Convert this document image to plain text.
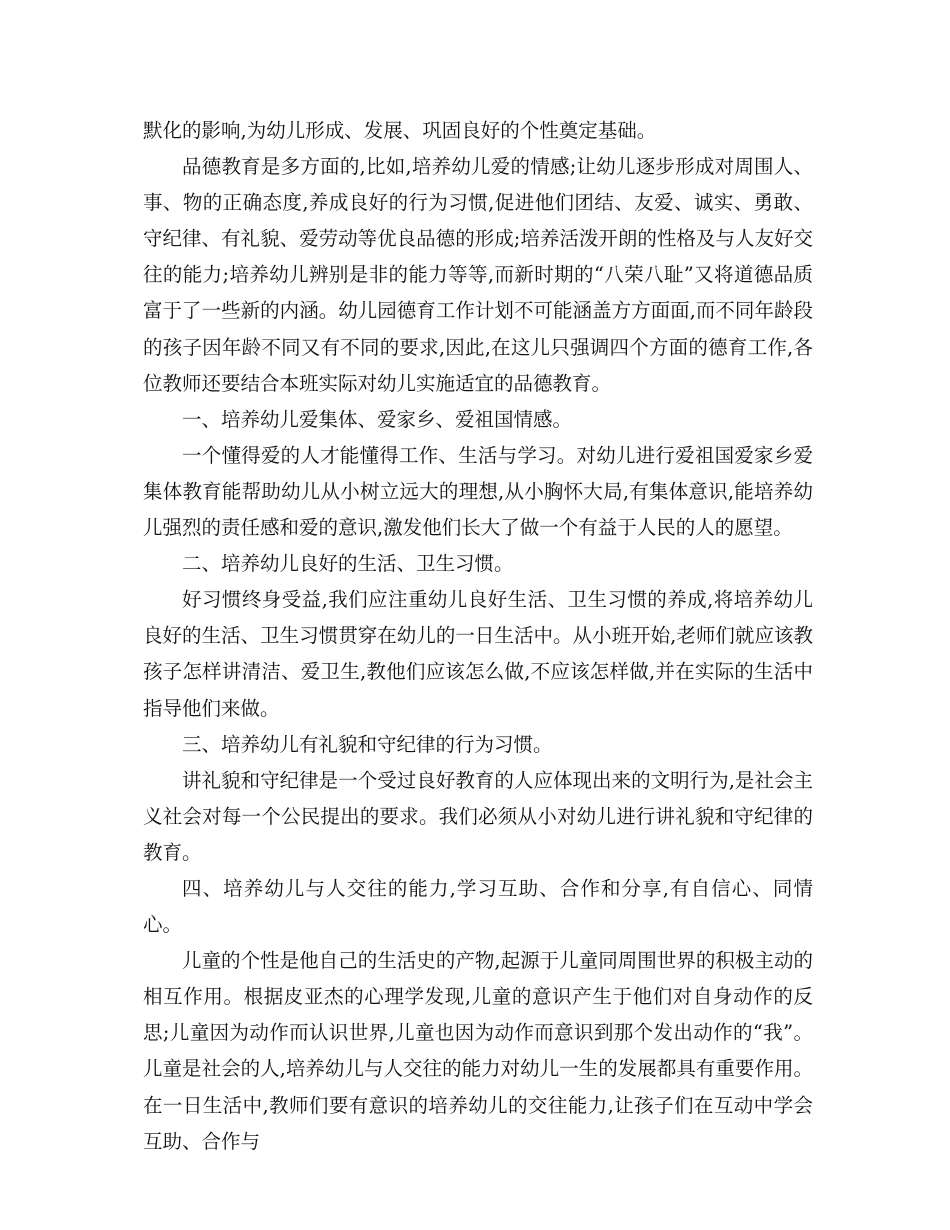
默化的影响,为幼儿形成、发展、巩固良好的个性奠定基础。

品德教育是多方面的,比如,培养幼儿爱的情感;让幼儿逐步形成对周围人、事、物的正确态度,养成良好的行为习惯,促进他们团结、友爱、诚实、勇敢、守纪律、有礼貌、爱劳动等优良品德的形成;培养活泼开朗的性格及与人友好交往的能力;培养幼儿辨别是非的能力等等,而新时期的“八荣八耻”又将道德品质富于了一些新的内涵。幼儿园德育工作计划不可能涵盖方方面面,而不同年龄段的孩子因年龄不同又有不同的要求,因此,在这儿只强调四个方面的德育工作,各位教师还要结合本班实际对幼儿实施适宜的品德教育。

一、培养幼儿爱集体、爱家乡、爱祖国情感。

一个懂得爱的人才能懂得工作、生活与学习。对幼儿进行爱祖国爱家乡爱集体教育能帮助幼儿从小树立远大的理想,从小胸怀大局,有集体意识,能培养幼儿强烈的责任感和爱的意识,激发他们长大了做一个有益于人民的人的愿望。

二、培养幼儿良好的生活、卫生习惯。

好习惯终身受益,我们应注重幼儿良好生活、卫生习惯的养成,将培养幼儿良好的生活、卫生习惯贯穿在幼儿的一日生活中。从小班开始,老师们就应该教孩子怎样讲清洁、爱卫生,教他们应该怎么做,不应该怎样做,并在实际的生活中指导他们来做。

三、培养幼儿有礼貌和守纪律的行为习惯。

讲礼貌和守纪律是一个受过良好教育的人应体现出来的文明行为,是社会主义社会对每一个公民提出的要求。我们必须从小对幼儿进行讲礼貌和守纪律的教育。

四、培养幼儿与人交往的能力,学习互助、合作和分享,有自信心、同情心。

儿童的个性是他自己的生活史的产物,起源于儿童同周围世界的积极主动的相互作用。根据皮亚杰的心理学发现,儿童的意识产生于他们对自身动作的反思;儿童因为动作而认识世界,儿童也因为动作而意识到那个发出动作的“我”。儿童是社会的人,培养幼儿与人交往的能力对幼儿一生的发展都具有重要作用。在一日生活中,教师们要有意识的培养幼儿的交往能力,让孩子们在互动中学会互助、合作与
